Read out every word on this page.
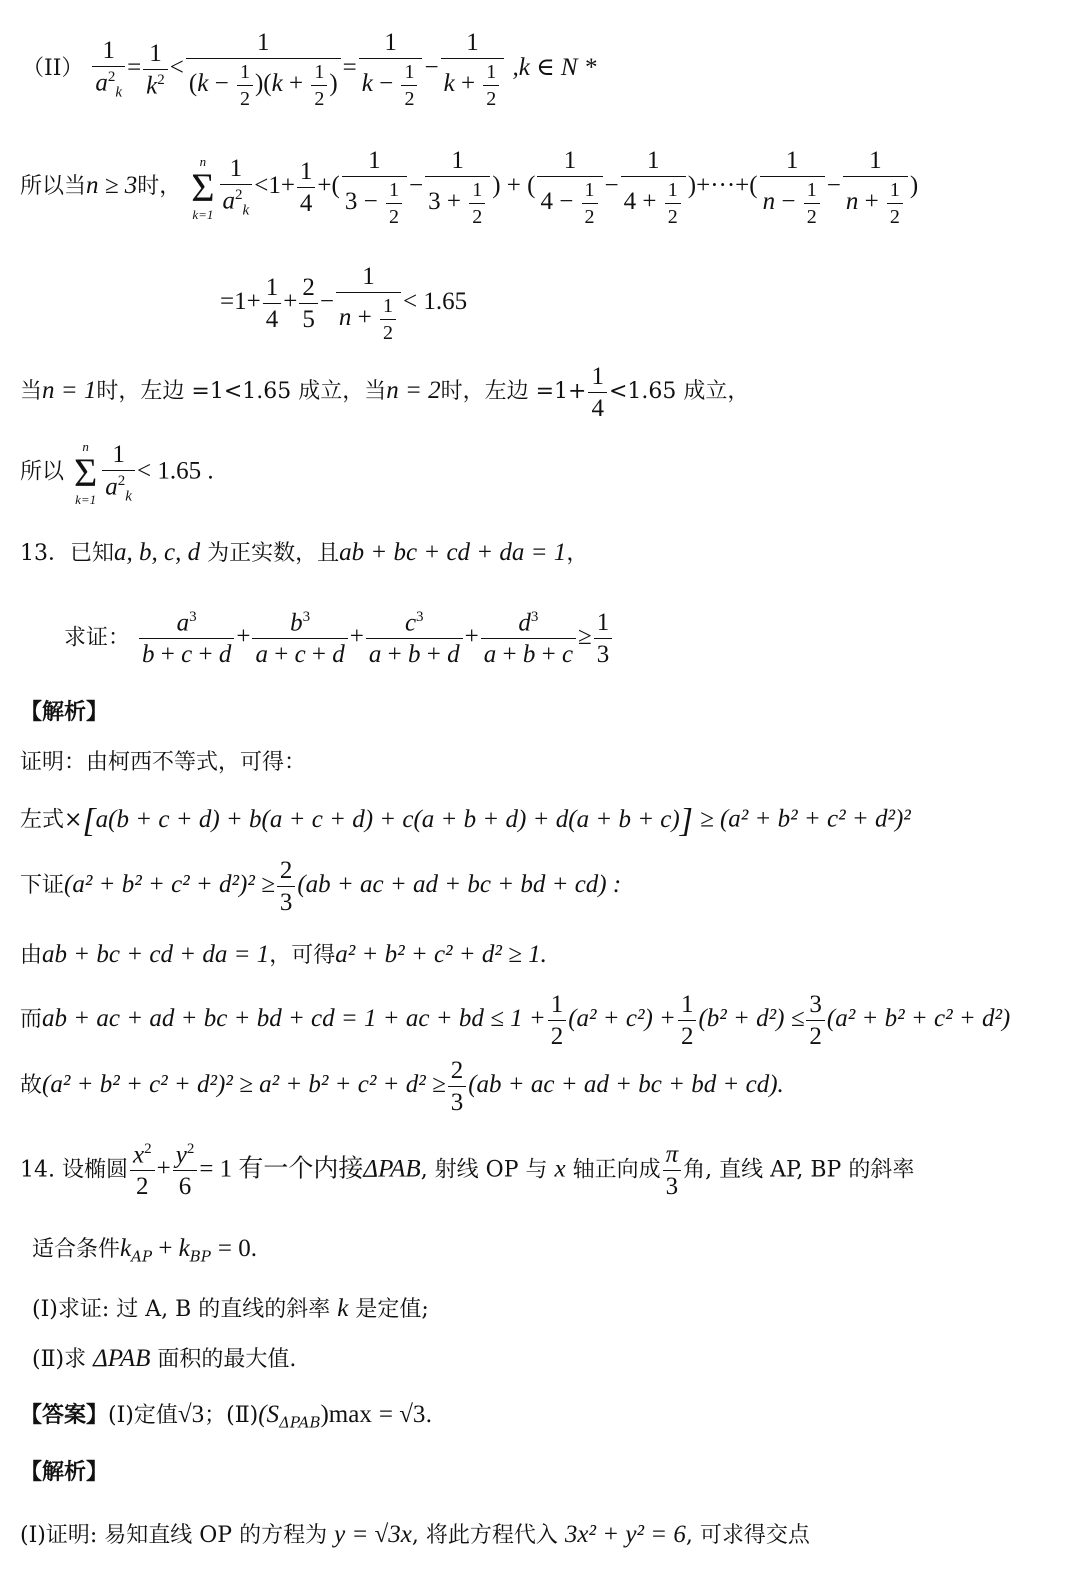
$(II) \frac{1}{a^2_k} = \frac{1}{k^2} < \frac{1}{(k - \frac{1}{2} )(k + \frac{1}{2} )} = \frac{1}{k - \frac{1}{2}} - \frac{1}{k + \frac{1}{2}} ,k$ ∈ N *
所以当n ≥ 3时，
n
Σ
$k=1 \frac{1}{a^2_k} <1+ \frac{1}{4}$ +( $\frac{1}{3 - \frac{1}{2}} - \frac{1}{3 + \frac{1}{2}}$ ) + ( $\frac{1}{4 - \frac{1}{2}} - \frac{1}{4 + \frac{1}{2}}$ )+···+( $\frac{1}{n - \frac{1}{2}} - \frac{1}{n + \frac{1}{2}}$ )
$=1+ \frac{1}{4} + \frac{2}{5} - \frac{1}{n + \frac{1}{2}} < 1.65$
当n = 1时，左边 =1<1.65 成立，当n = 2时，左边 $=1+ \frac{1}{4} <1.65$ 成立，
所以
n
Σ
$k=1 \frac{1}{a^2_k} < 1.65$ .
13．已知a, b, c, d 为正实数，且ab + bc + cd + da = 1，
求证： $\frac{a^3}{b + c + d} + \frac{b^3}{a + c + d} + \frac{c^3}{a + b + d} + \frac{d^3}{a + b + c} \ge \frac{1}{3}$
【解析】
证明：由柯西不等式，可得：
左式×[a(b + c + d) + b(a + c + d) + c(a + b + d) + d(a + b + c)] ≥ (a² + b² + c² + d²)²
下证$(a^2 + b^2 + c^2 + d^2)^2 \ge \frac{2}{3} (ab$ + ac + ad + bc + bd + cd) :
由ab + bc + cd + da = 1，可得a² + b² + c² + d² ≥ 1.
而ab + ac + ad + bc + bd + cd = 1 + ac + bd ≤ $1 + \frac{1}{2} (a^2 + c^2) + \frac{1}{2} (b^2 + d^2) \le \frac{3}{2} (a^2 + b^2 + c^2 + d^2)$
故$(a^2 + b^2 + c^2 + d^2)^2 \ge a^2 + b^2 + c^2 + d^2 \ge \frac{2}{3} (ab$ + ac + ad + bc + bd + cd).
14. 设椭圆 $\frac{x^2}{2} + \frac{y^2}{6} = 1$ 有一个内接ΔPAB, 射线 OP 与 x 轴正向成 $\frac{\pi}{3}$ 角, 直线 AP, BP 的斜率
适合条件$k_{AP} + k_{BP} = 0$.
(Ⅰ)求证: 过 A, B 的直线的斜率 k 是定值;
(Ⅱ)求 ΔPAB 面积的最大值.
【答案】(Ⅰ)定值√3；$(Ⅱ)(S_{\Delta PAB})\max = √3$.
【解析】
(Ⅰ)证明: 易知直线 OP 的方程为 y = √3x, 将此方程代入 3x² + y² = 6, 可求得交点
